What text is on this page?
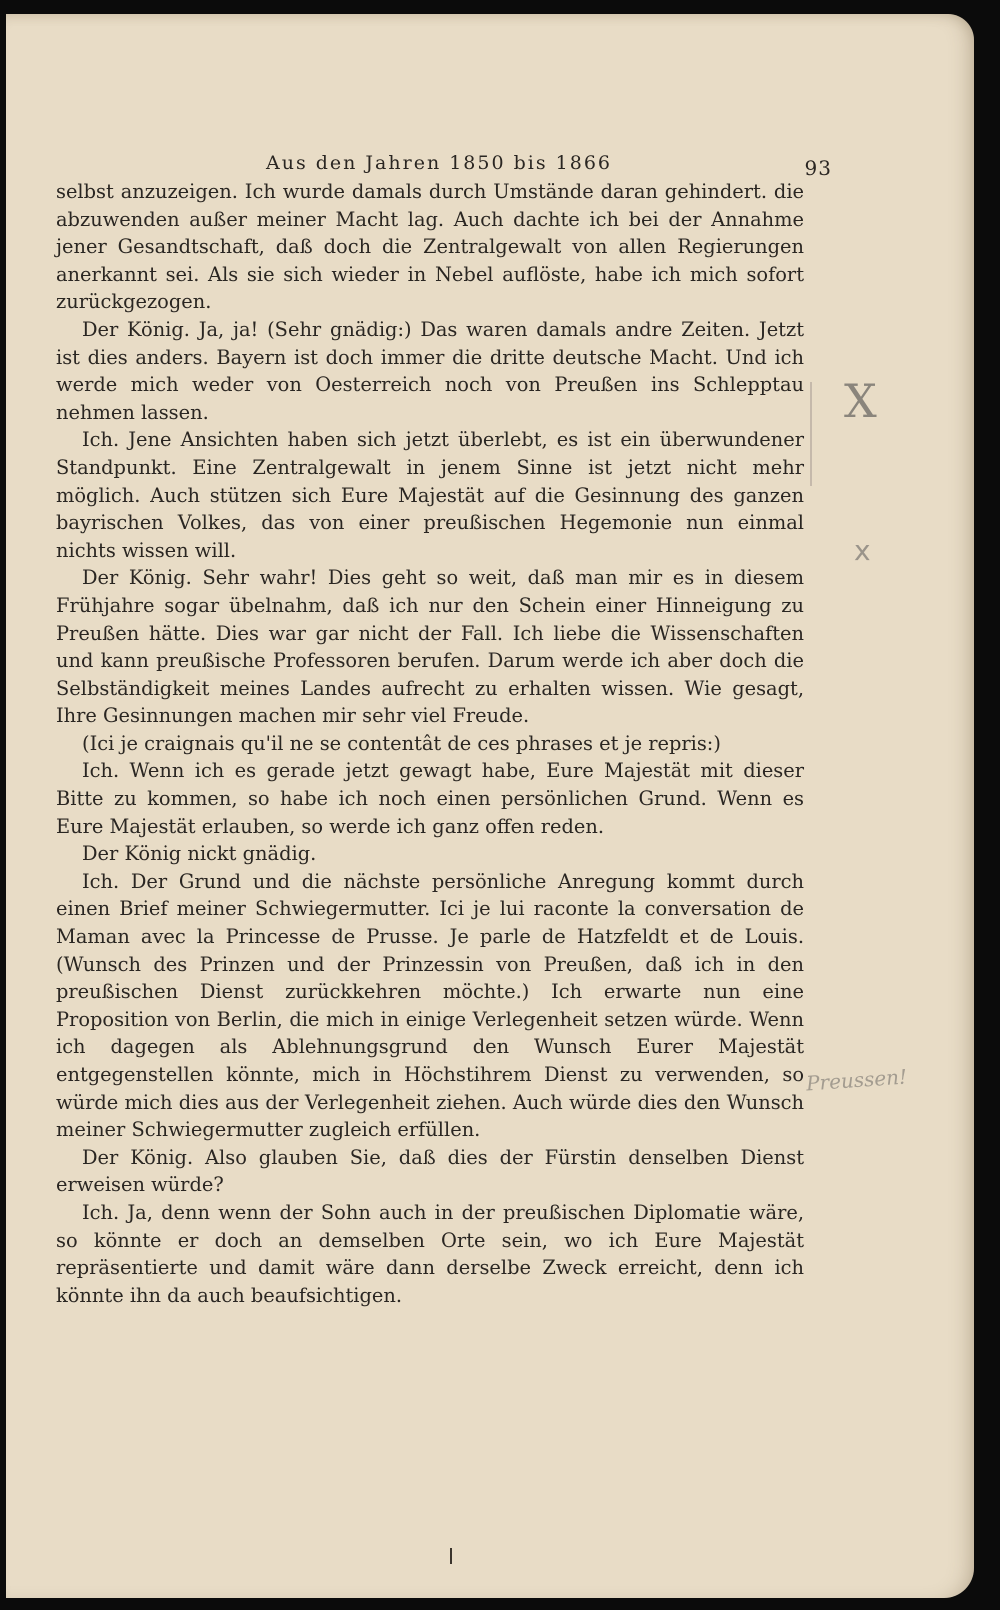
Aus den Jahren 1850 bis 1866	93

selbst anzuzeigen. Ich wurde damals durch Umstände daran gehindert. die abzuwenden außer meiner Macht lag. Auch dachte ich bei der Annahme jener Gesandtschaft, daß doch die Zentralgewalt von allen Regierungen anerkannt sei. Als sie sich wieder in Nebel auflöste, habe ich mich sofort zurückgezogen.

Der König. Ja, ja! (Sehr gnädig:) Das waren damals andre Zeiten. Jetzt ist dies anders. Bayern ist doch immer die dritte deutsche Macht. Und ich werde mich weder von Oesterreich noch von Preußen ins Schlepptau nehmen lassen.

Ich. Jene Ansichten haben sich jetzt überlebt, es ist ein überwundener Standpunkt. Eine Zentralgewalt in jenem Sinne ist jetzt nicht mehr möglich. Auch stützen sich Eure Majestät auf die Gesinnung des ganzen bayrischen Volkes, das von einer preußischen Hegemonie nun einmal nichts wissen will.

Der König. Sehr wahr! Dies geht so weit, daß man mir es in diesem Frühjahre sogar übelnahm, daß ich nur den Schein einer Hinneigung zu Preußen hätte. Dies war gar nicht der Fall. Ich liebe die Wissenschaften und kann preußische Professoren berufen. Darum werde ich aber doch die Selbständigkeit meines Landes aufrecht zu erhalten wissen. Wie gesagt, Ihre Gesinnungen machen mir sehr viel Freude.

(Ici je craignais qu'il ne se contentât de ces phrases et je repris:)

Ich. Wenn ich es gerade jetzt gewagt habe, Eure Majestät mit dieser Bitte zu kommen, so habe ich noch einen persönlichen Grund. Wenn es Eure Majestät erlauben, so werde ich ganz offen reden.

Der König nickt gnädig.

Ich. Der Grund und die nächste persönliche Anregung kommt durch einen Brief meiner Schwiegermutter. Ici je lui raconte la conversation de Maman avec la Princesse de Prusse. Je parle de Hatzfeldt et de Louis. (Wunsch des Prinzen und der Prinzessin von Preußen, daß ich in den preußischen Dienst zurückkehren möchte.) Ich erwarte nun eine Proposition von Berlin, die mich in einige Verlegenheit setzen würde. Wenn ich dagegen als Ablehnungsgrund den Wunsch Eurer Majestät entgegenstellen könnte, mich in Höchstihrem Dienst zu verwenden, so würde mich dies aus der Verlegenheit ziehen. Auch würde dies den Wunsch meiner Schwiegermutter zugleich erfüllen.

Der König. Also glauben Sie, daß dies der Fürstin denselben Dienst erweisen würde?

Ich. Ja, denn wenn der Sohn auch in der preußischen Diplomatie wäre, so könnte er doch an demselben Orte sein, wo ich Eure Majestät repräsentierte und damit wäre dann derselbe Zweck erreicht, denn ich könnte ihn da auch beaufsichtigen.

X
x
Preussen!
